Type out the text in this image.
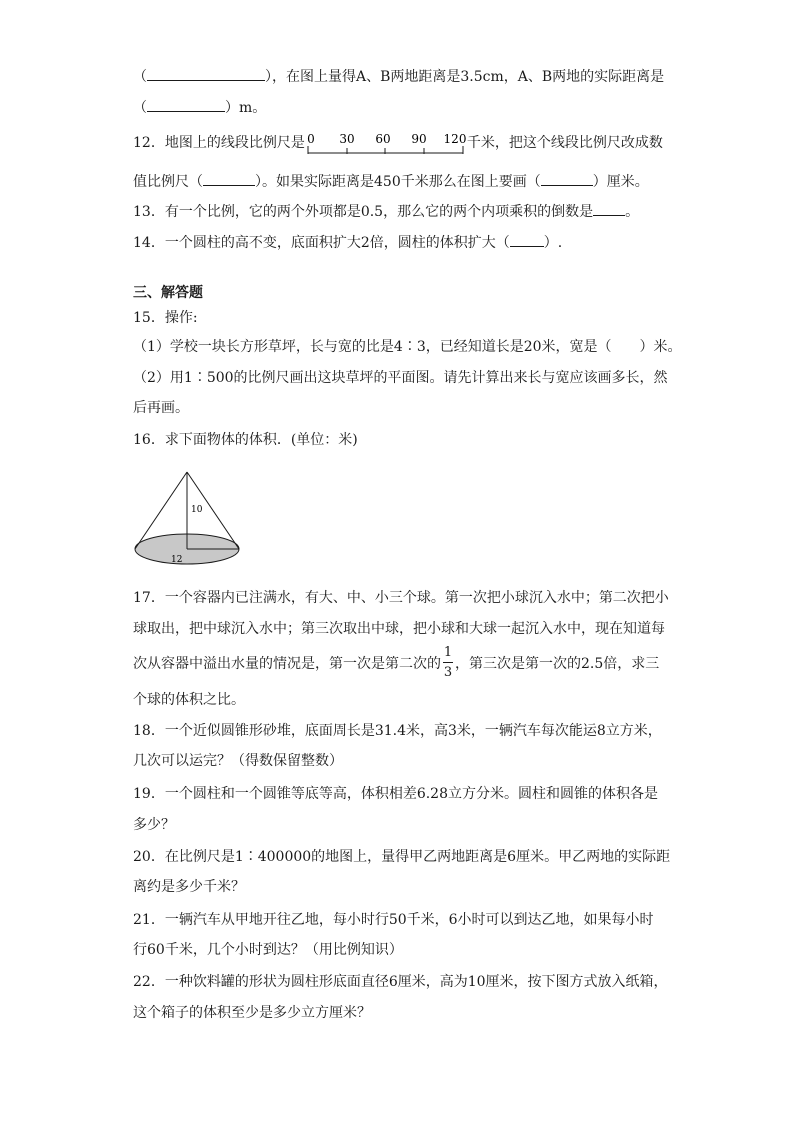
（	），在图上量得A、B两地距离是3.5cm，A、B两地的实际距离是
（	）m。
12．地图上的线段比例尺是 0 30 60 90 120 千米，把这个线段比例尺改成数
值比例尺（	）。如果实际距离是450千米那么在图上要画（	）厘米。
13．有一个比例，它的两个外项都是0.5，那么它的两个内项乘积的倒数是 。
14．一个圆柱的高不变，底面积扩大2倍，圆柱的体积扩大（ ）.
三、解答题
15．操作:
（1）学校一块长方形草坪，长与宽的比是4∶3，已经知道长是20米，宽是（　　）米。
（2）用1∶500的比例尺画出这块草坪的平面图。请先计算出来长与宽应该画多长，然
后再画。
16．求下面物体的体积．(单位：米)
10
12
17．一个容器内已注满水，有大、中、小三个球。第一次把小球沉入水中；第二次把小
球取出，把中球沉入水中；第三次取出中球，把小球和大球一起沉入水中，现在知道每
次从容器中溢出水量的情况是，第一次是第二次的 $\frac{1}{3}$ ，第三次是第一次的2.5倍，求三
个球的体积之比。
18．一个近似圆锥形砂堆，底面周长是31.4米，高3米，一辆汽车每次能运8立方米，
几次可以运完？（得数保留整数）
19．一个圆柱和一个圆锥等底等高，体积相差6.28立方分米。圆柱和圆锥的体积各是
多少？
20．在比例尺是1∶400000的地图上，量得甲乙两地距离是6厘米。甲乙两地的实际距
离约是多少千米？
21．一辆汽车从甲地开往乙地，每小时行50千米，6小时可以到达乙地，如果每小时
行60千米，几个小时到达？（用比例知识）
22．一种饮料罐的形状为圆柱形底面直径6厘米，高为10厘米，按下图方式放入纸箱，
这个箱子的体积至少是多少立方厘米？
